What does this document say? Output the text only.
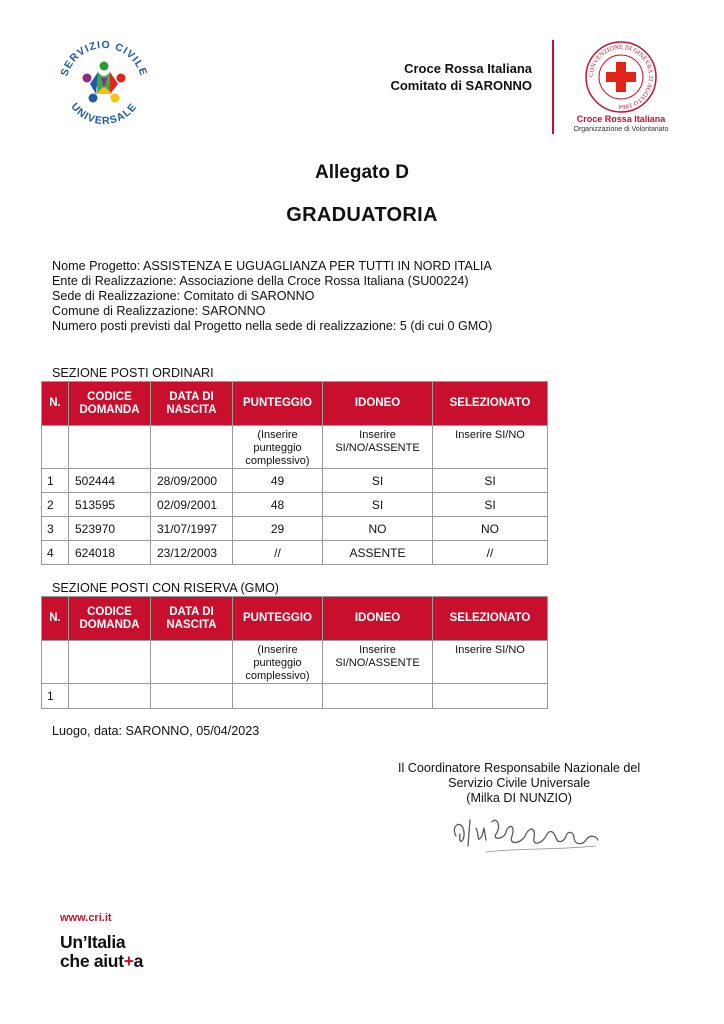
SERVIZIO CIVILE
UNIVERSALE
Croce Rossa Italiana
Comitato di SARONNO
CONVENZIONE DI GINEVRA 22 AGOSTO 1864
Croce Rossa Italiana
Organizzazione di Volontariato
Allegato D
GRADUATORIA
Nome Progetto: ASSISTENZA E UGUAGLIANZA PER TUTTI IN NORD ITALIA
Ente di Realizzazione: Associazione della Croce Rossa Italiana (SU00224)
Sede di Realizzazione: Comitato di SARONNO
Comune di Realizzazione: SARONNO
Numero posti previsti dal Progetto nella sede di realizzazione: 5 (di cui 0 GMO)
SEZIONE POSTI ORDINARI
N.	CODICE DOMANDA	DATA DI NASCITA	PUNTEGGIO	IDONEO	SELEZIONATO
			(Inserire punteggio complessivo)	Inserire SI/NO/ASSENTE	Inserire SI/NO
1	502444	28/09/2000	49	SI	SI
2	513595	02/09/2001	48	SI	SI
3	523970	31/07/1997	29	NO	NO
4	624018	23/12/2003	//	ASSENTE	//
SEZIONE POSTI CON RISERVA (GMO)
N.	CODICE DOMANDA	DATA DI NASCITA	PUNTEGGIO	IDONEO	SELEZIONATO
			(Inserire punteggio complessivo)	Inserire SI/NO/ASSENTE	Inserire SI/NO
1					
Luogo, data: SARONNO, 05/04/2023
Il Coordinatore Responsabile Nazionale del
Servizio Civile Universale
(Milka DI NUNZIO)
www.cri.it
Un’Italia
che aiut+a
